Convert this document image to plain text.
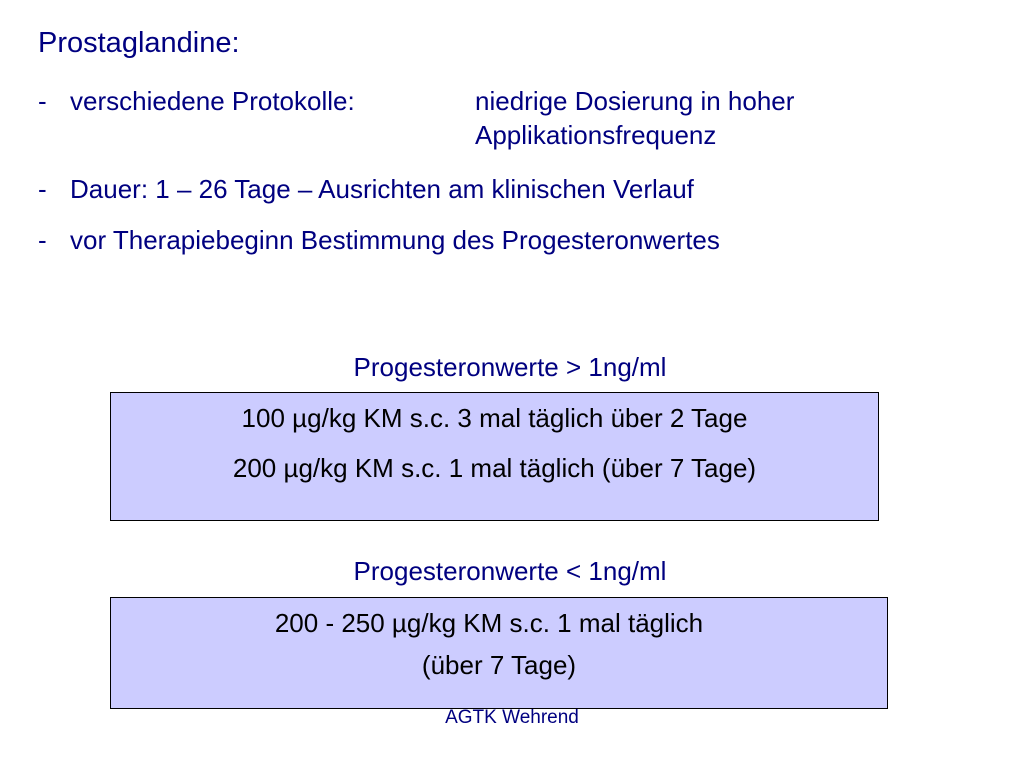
Prostaglandine:
- verschiedene Protokolle:	niedrige Dosierung in hoher
Applikationsfrequenz
- Dauer: 1 – 26 Tage – Ausrichten am klinischen Verlauf
- vor Therapiebeginn Bestimmung des Progesteronwertes
Progesteronwerte > 1ng/ml
100 µg/kg KM s.c. 3 mal täglich über 2 Tage
200 µg/kg KM s.c. 1 mal täglich (über 7 Tage)
Progesteronwerte < 1ng/ml
200 - 250 µg/kg KM s.c. 1 mal täglich
(über 7 Tage)
AGTK Wehrend
